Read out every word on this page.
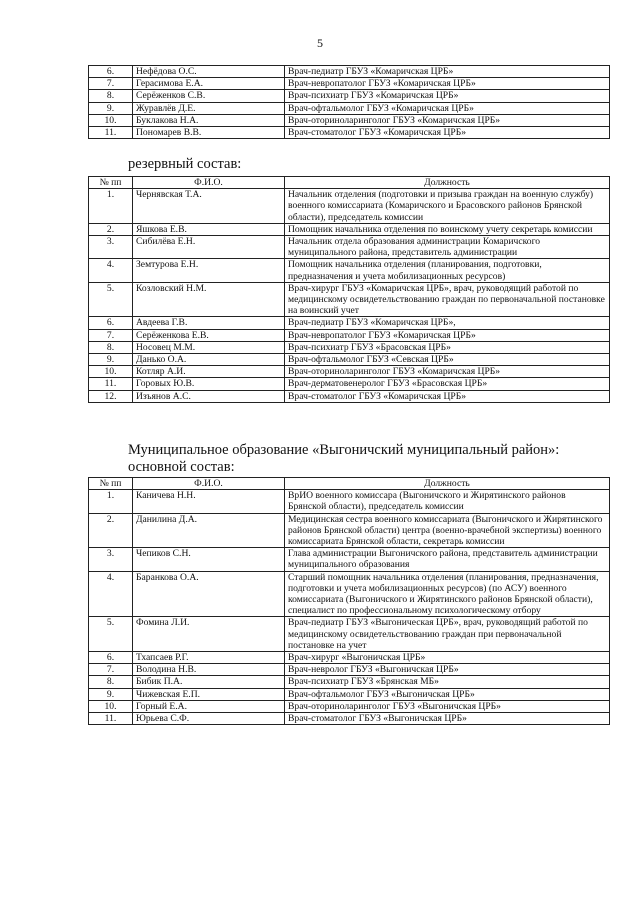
5
6.	Нефёдова О.С.	Врач-педиатр ГБУЗ «Комаричская ЦРБ»
7.	Герасимова Е.А.	Врач-невропатолог ГБУЗ «Комаричская ЦРБ»
8.	Серёженков С.В.	Врач-психиатр ГБУЗ «Комаричская ЦРБ»
9.	Журавлёв Д.Е.	Врач-офтальмолог ГБУЗ «Комаричская ЦРБ»
10.	Буклакова Н.А.	Врач-оториноларинголог ГБУЗ «Комаричская ЦРБ»
11.	Пономарев В.В.	Врач-стоматолог ГБУЗ «Комаричская ЦРБ»
резервный состав:
№ пп	Ф.И.О.	Должность
1.	Чернявская Т.А.	Начальник отделения (подготовки и призыва граждан на военную службу) военного комиссариата (Комаричского и Брасовского районов Брянской области), председатель комиссии
2.	Яшкова Е.В.	Помощник начальника отделения по воинскому учету секретарь комиссии
3.	Сибилёва Е.Н.	Начальник отдела образования администрации Комаричского муниципального района, представитель администрации
4.	Земтурова Е.Н.	Помощник начальника отделения (планирования, подготовки, предназначения и учета мобилизационных ресурсов)
5.	Козловский Н.М.	Врач-хирург ГБУЗ «Комаричская ЦРБ», врач, руководящий работой по медицинскому освидетельствованию граждан по первоначальной постановке на воинский учет
6.	Авдеева Г.В.	Врач-педиатр ГБУЗ «Комаричская ЦРБ»,
7.	Серёженкова Е.В.	Врач-невропатолог ГБУЗ «Комаричская ЦРБ»
8.	Носовец М.М.	Врач-психиатр ГБУЗ «Брасовская ЦРБ»
9.	Данько О.А.	Врач-офтальмолог ГБУЗ «Севская ЦРБ»
10.	Котляр А.И.	Врач-оториноларинголог ГБУЗ «Комаричская ЦРБ»
11.	Горовых Ю.В.	Врач-дерматовенеролог ГБУЗ «Брасовская ЦРБ»
12.	Изъянов А.С.	Врач-стоматолог ГБУЗ «Комаричская ЦРБ»
Муниципальное образование «Выгоничский муниципальный район»:
основной состав:
№ пп	Ф.И.О.	Должность
1.	Каничева Н.Н.	ВрИО военного комиссара (Выгоничского и Жирятинского районов Брянской области), председатель комиссии
2.	Данилина Д.А.	Медицинская сестра военного комиссариата (Выгоничского и Жирятинского районов Брянской области) центра (военно-врачебной экспертизы) военного комиссариата Брянской области, секретарь комиссии
3.	Чепиков С.Н.	Глава администрации Выгоничского района, представитель администрации муниципального образования
4.	Баранкова О.А.	Старший помощник начальника отделения (планирования, предназначения, подготовки и учета мобилизационных ресурсов) (по АСУ) военного комиссариата (Выгоничского и Жирятинского районов Брянской области), специалист по профессиональному психологическому отбору
5.	Фомина Л.И.	Врач-педиатр ГБУЗ «Выгоническая ЦРБ», врач, руководящий работой по медицинскому освидетельствованию граждан при первоначальной постановке на учет
6.	Тхапсаев Р.Г.	Врач-хирург «Выгоничская ЦРБ»
7.	Володина Н.В.	Врач-невролог ГБУЗ «Выгоничская ЦРБ»
8.	Бибик П.А.	Врач-психиатр ГБУЗ «Брянская МБ»
9.	Чижевская Е.П.	Врач-офтальмолог ГБУЗ «Выгоничская ЦРБ»
10.	Горный Е.А.	Врач-оториноларинголог ГБУЗ «Выгоничская ЦРБ»
11.	Юрьева С.Ф.	Врач-стоматолог ГБУЗ «Выгоничская ЦРБ»
